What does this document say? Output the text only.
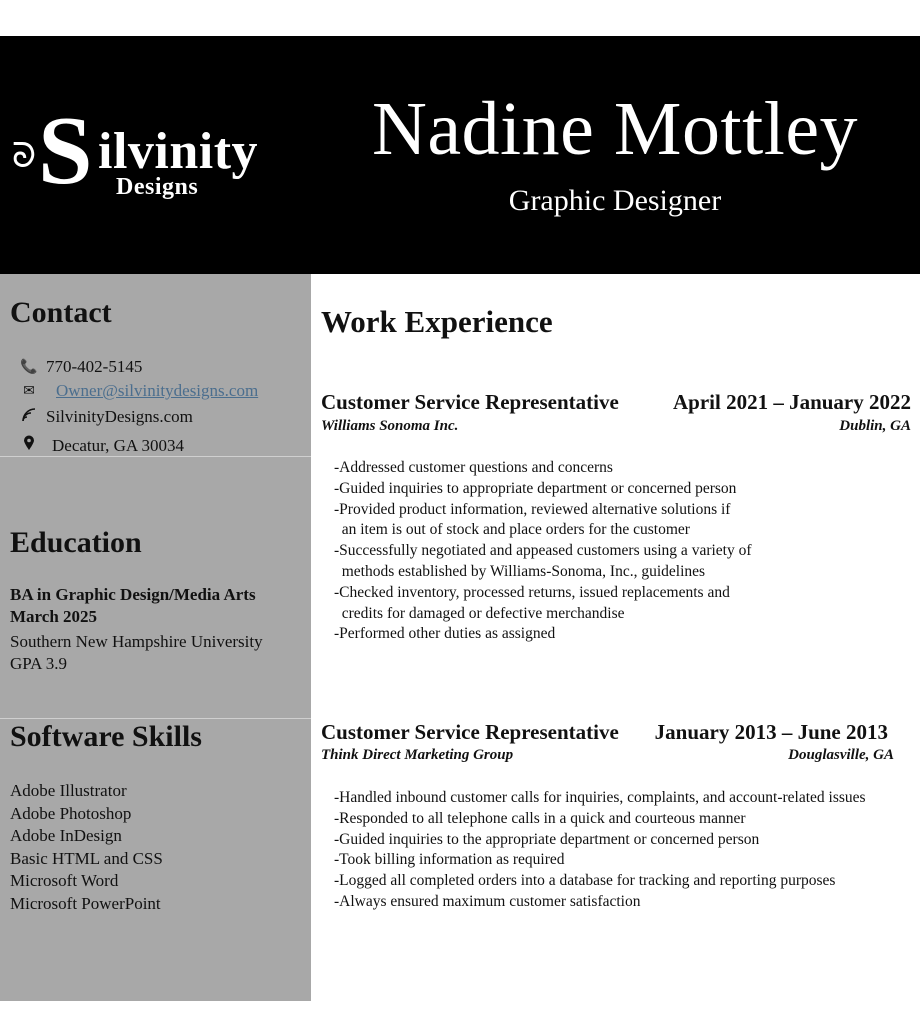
ᘐ S ilvinity
Designs
Nadine Mottley
Graphic Designer
Contact
📞 770-402-5145
✉	Owner@silvinitydesigns.com
SilvinityDesigns.com
Decatur, GA 30034
Education
BA in Graphic Design/Media Arts
March 2025
Southern New Hampshire University
GPA 3.9
Software Skills
Adobe Illustrator
Adobe Photoshop
Adobe InDesign
Basic HTML and CSS
Microsoft Word
Microsoft PowerPoint
Work Experience
Customer Service Representative	April 2021 – January 2022
Williams Sonoma Inc.	Dublin, GA
-Addressed customer questions and concerns
-Guided inquiries to appropriate department or concerned person
-Provided product information, reviewed alternative solutions if
an item is out of stock and place orders for the customer
-Successfully negotiated and appeased customers using a variety of
methods established by Williams-Sonoma, Inc., guidelines
-Checked inventory, processed returns, issued replacements and
credits for damaged or defective merchandise
-Performed other duties as assigned
Customer Service Representative January 2013 – June 2013
Think Direct Marketing Group	Douglasville, GA
-Handled inbound customer calls for inquiries, complaints, and account-related issues
-Responded to all telephone calls in a quick and courteous manner
-Guided inquiries to the appropriate department or concerned person
-Took billing information as required
-Logged all completed orders into a database for tracking and reporting purposes
-Always ensured maximum customer satisfaction
